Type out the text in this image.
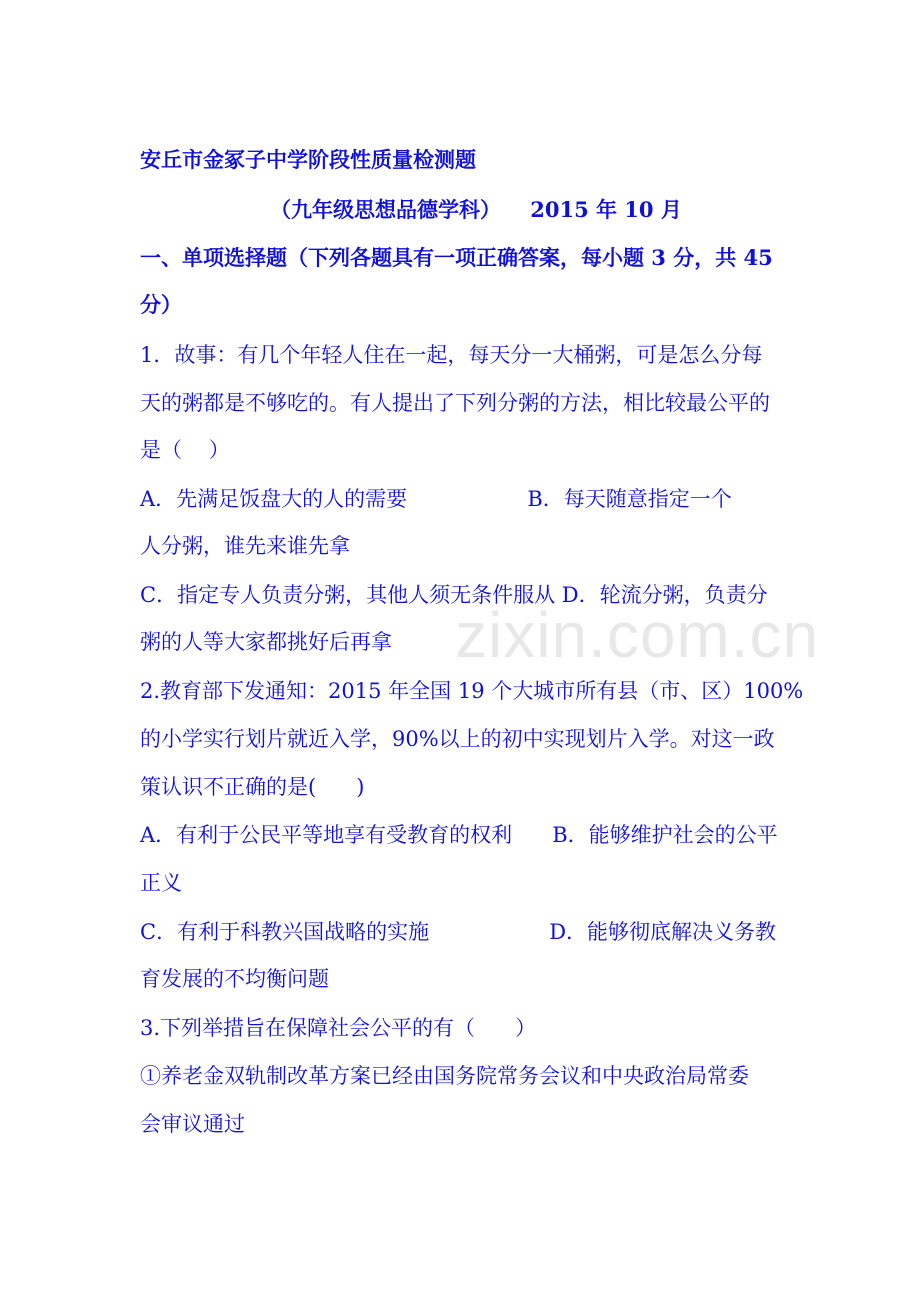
安丘市金冢子中学阶段性质量检测题
（九年级思想品德学科）    2015 年 10 月
一、单项选择题（下列各题具有一项正确答案，每小题 3 分，共 45
分）
1．故事：有几个年轻人住在一起，每天分一大桶粥，可是怎么分每
天的粥都是不够吃的。有人提出了下列分粥的方法，相比较最公平的
是（    ）
A．先满足饭盘大的人的需要                  B．每天随意指定一个
人分粥，谁先来谁先拿
C．指定专人负责分粥，其他人须无条件服从 D．轮流分粥，负责分
粥的人等大家都挑好后再拿
2.教育部下发通知：2015 年全国 19 个大城市所有县（市、区）100%
的小学实行划片就近入学，90%以上的初中实现划片入学。对这一政
策认识不正确的是(      )
A．有利于公民平等地享有受教育的权利      B．能够维护社会的公平
正义
C．有利于科教兴国战略的实施                  D．能够彻底解决义务教
育发展的不均衡问题
3.下列举措旨在保障社会公平的有（      ）
①养老金双轨制改革方案已经由国务院常务会议和中央政治局常委
会审议通过
zixin.com.cn
